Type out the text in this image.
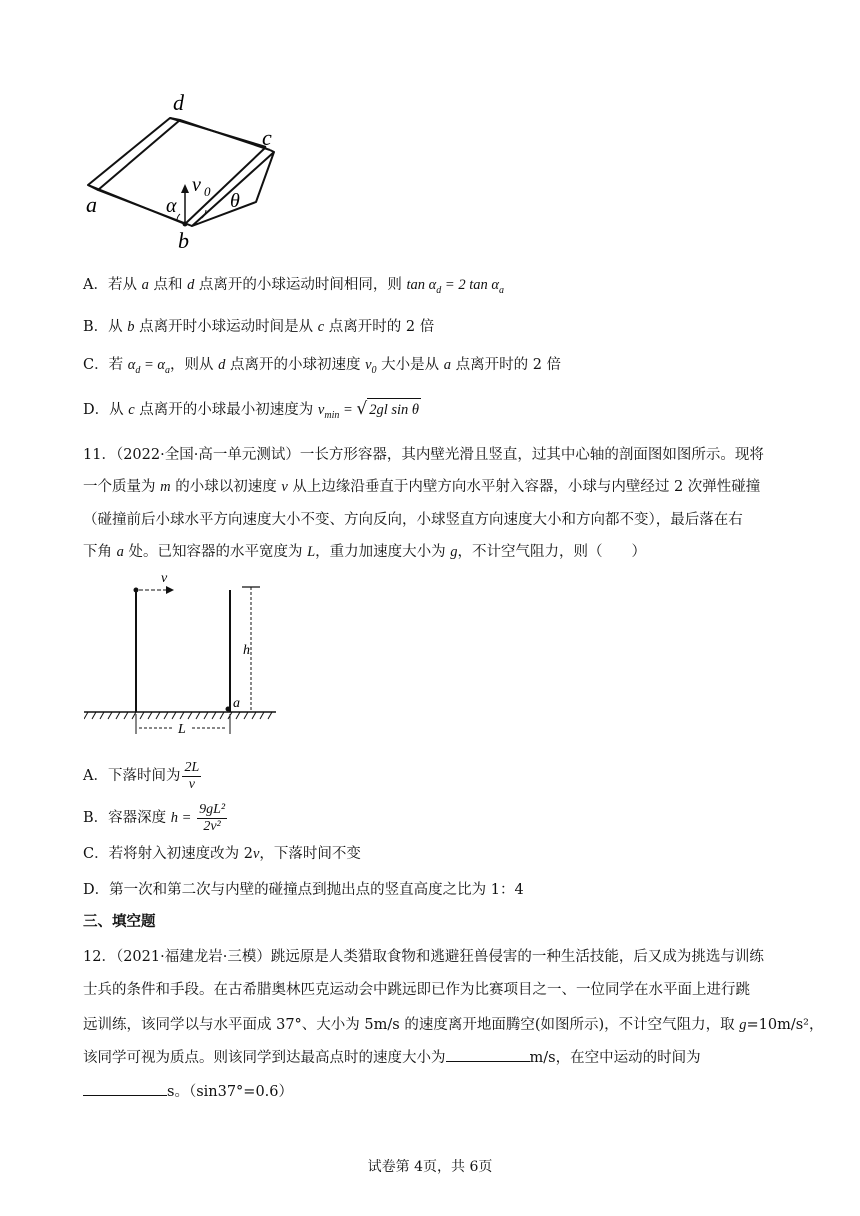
d
c
a
b
v 0
α	θ
A．若从 a 点和 d 点离开的小球运动时间相同，则 $\tan \alpha_d = 2$ $\tan \alpha_a$
B．从 b 点离开时小球运动时间是从 c 点离开时的 2 倍
C．若 $\alpha_d = \alpha_a$，则从 d 点离开的小球初速度 $v_0$ 大小是从 a 点离开时的 2 倍
D．从 c 点离开的小球最小初速度为 $v_{min}$ = √ 2gl sin θ
11．（2022·全国·高一单元测试）一长方形容器，其内壁光滑且竖直，过其中心轴的剖面图如图所示。现将
一个质量为 m 的小球以初速度 v 从上边缘沿垂直于内壁方向水平射入容器，小球与内壁经过 2 次弹性碰撞
（碰撞前后小球水平方向速度大小不变、方向反向，小球竖直方向速度大小和方向都不变），最后落在右
下角 a 处。已知容器的水平宽度为 L，重力加速度大小为 g，不计空气阻力，则（　　）
v
h
a
L
A．下落时间为 $\frac{2L}{v}$
B．容器深度 $h = \frac{\text{9gL²}}{\text{2v²}}$
C．若将射入初速度改为 2v，下落时间不变
D．第一次和第二次与内壁的碰撞点到抛出点的竖直高度之比为 1：4
三、填空题
12．（2021·福建龙岩·三模）跳远原是人类猎取食物和逃避狂兽侵害的一种生活技能，后又成为挑选与训练
士兵的条件和手段。在古希腊奥林匹克运动会中跳远即已作为比赛项目之一、一位同学在水平面上进行跳
远训练，该同学以与水平面成 37°、大小为 5m/s 的速度离开地面腾空(如图所示)，不计空气阻力，取 g=10m/s²，
该同学可视为质点。则该同学到达最高点时的速度大小为	m/s，在空中运动的时间为
s。（sin37°=0.6）
试卷第 4页，共 6页
